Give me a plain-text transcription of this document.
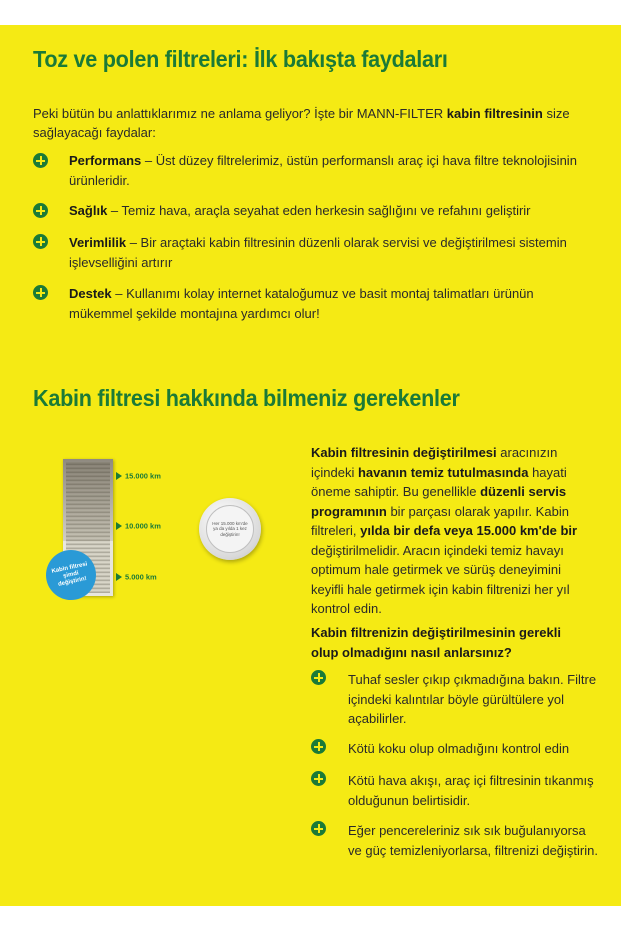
Toz ve polen filtreleri: İlk bakışta faydaları

Peki bütün bu anlattıklarımız ne anlama geliyor? İşte bir MANN-FILTER kabin filtresinin size sağlayacağı faydalar:

Performans – Üst düzey filtrelerimiz, üstün performanslı araç içi hava filtre teknolojisinin ürünleridir.

Sağlık – Temiz hava, araçla seyahat eden herkesin sağlığını ve refahını geliştirir

Verimlilik – Bir araçtaki kabin filtresinin düzenli olarak servisi ve değiştirilmesi sistemin işlevselliğini artırır

Destek – Kullanımı kolay internet kataloğumuz ve basit montaj talimatları ürünün mükemmel şekilde montajına yardımcı olur!

Kabin filtresi hakkında bilmeniz gerekenler
15.000 km
10.000 km
5.000 km
Kabin filtresi şimdi değiştirin!
Her 15.000 km'de ya da yılda 1 kez değiştirin!

Kabin filtresinin değiştirilmesi aracınızın içindeki havanın temiz tutulmasında hayati öneme sahiptir. Bu genellikle düzenli servis programının bir parçası olarak yapılır. Kabin filtreleri, yılda bir defa veya 15.000 km'de bir değiştirilmelidir. Aracın içindeki temiz havayı optimum hale getirmek ve sürüş deneyimini keyifli hale getirmek için kabin filtrenizi her yıl kontrol edin.

Kabin filtrenizin değiştirilmesinin gerekli olup olmadığını nasıl anlarsınız?

Tuhaf sesler çıkıp çıkmadığına bakın. Filtre içindeki kalıntılar böyle gürültülere yol açabilirler.

Kötü koku olup olmadığını kontrol edin

Kötü hava akışı, araç içi filtresinin tıkanmış olduğunun belirtisidir.

Eğer pencereleriniz sık sık buğulanıyorsa ve güç temizleniyorlarsa, filtrenizi değiştirin.
